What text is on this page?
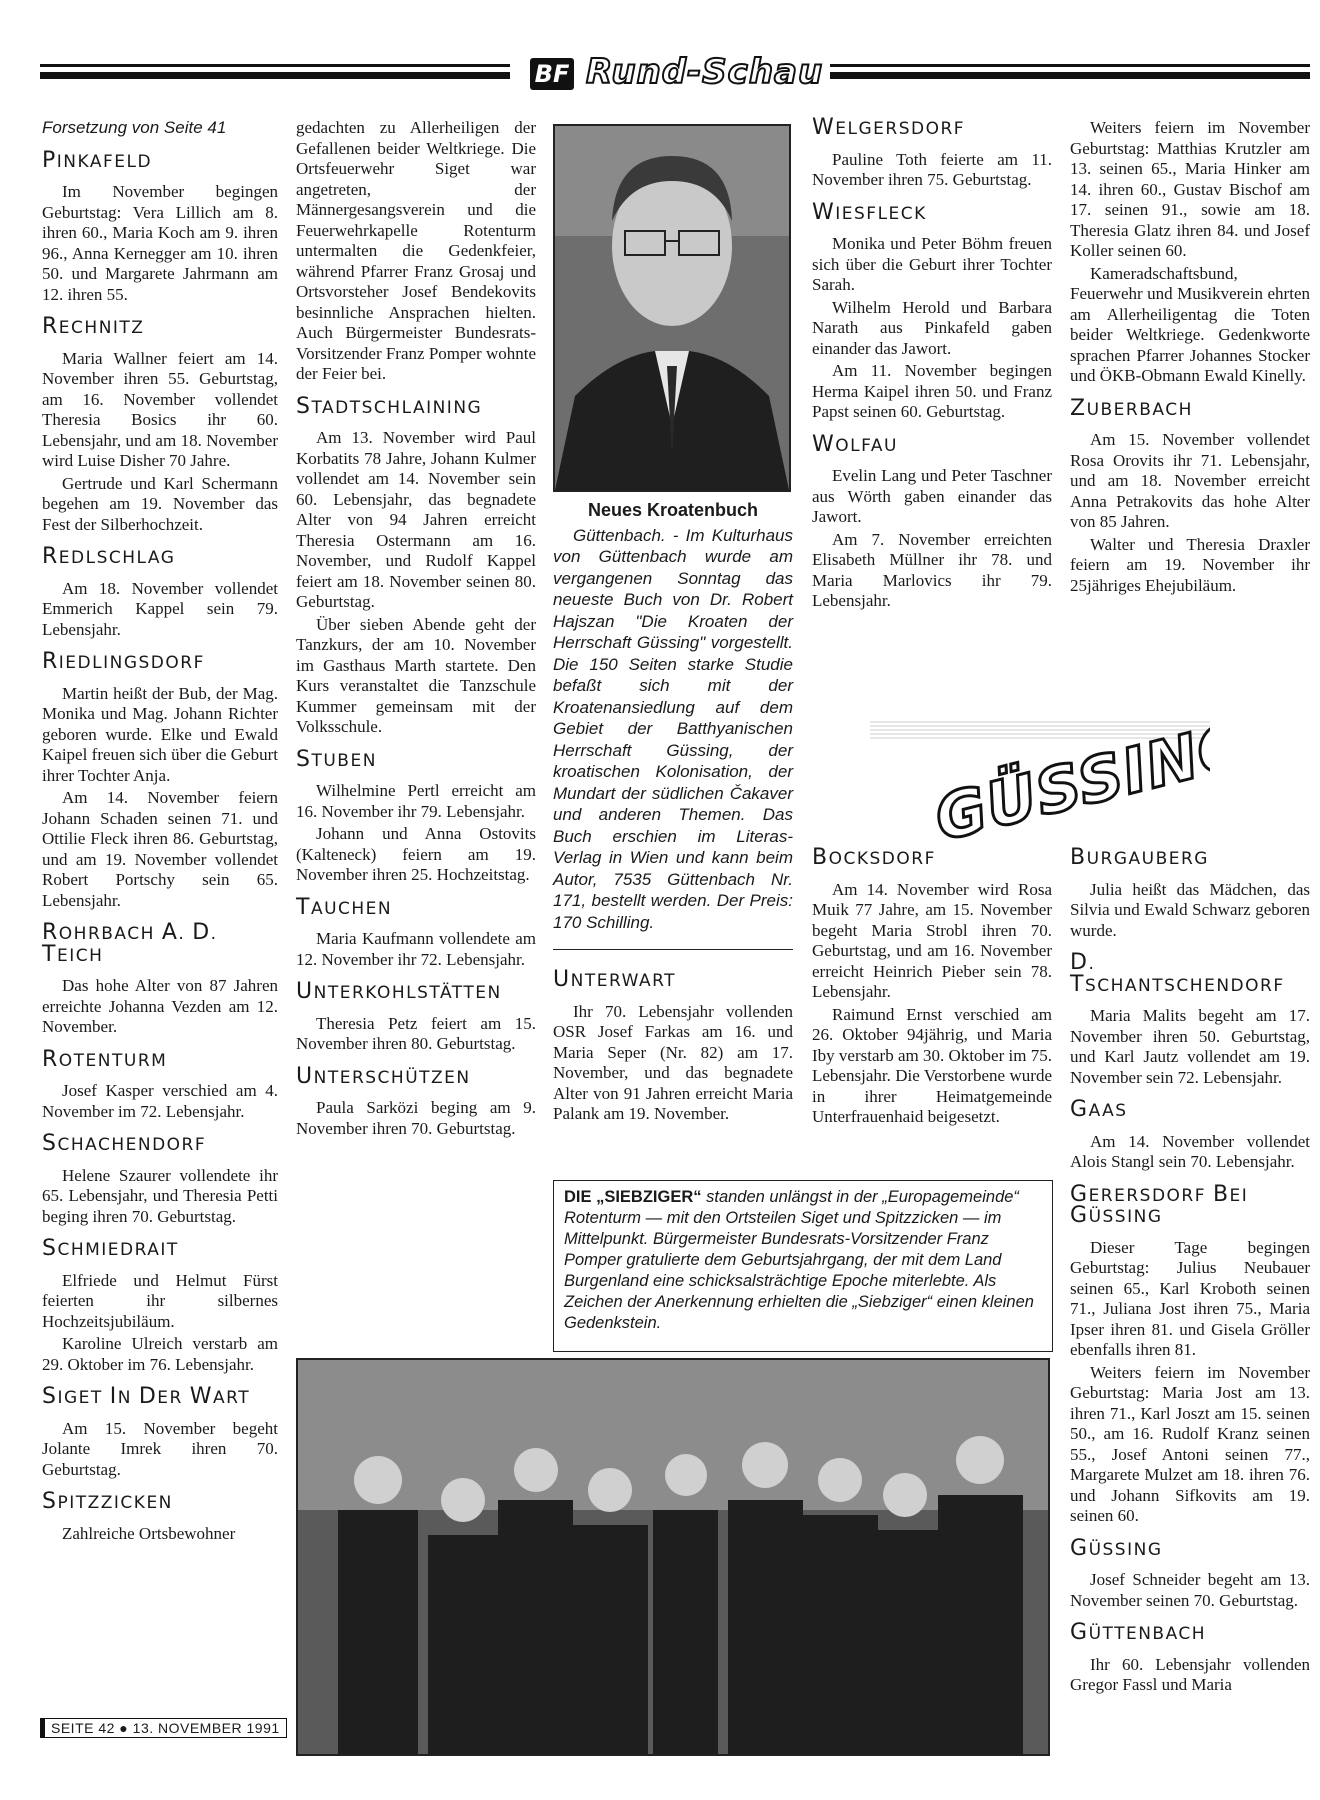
BF Rund-Schau
Forsetzung von Seite 41
PINKAFELD

Im November begingen Geburtstag: Vera Lillich am 8. ihren 60., Maria Koch am 9. ihren 96., Anna Kernegger am 10. ihren 50. und Margarete Jahrmann am 12. ihren 55.

RECHNITZ

Maria Wallner feiert am 14. November ihren 55. Geburtstag, am 16. November vollendet Theresia Bosics ihr 60. Lebensjahr, und am 18. November wird Luise Disher 70 Jahre.

Gertrude und Karl Schermann begehen am 19. November das Fest der Silberhochzeit.

REDLSCHLAG

Am 18. November vollendet Emmerich Kappel sein 79. Lebensjahr.

RIEDLINGSDORF

Martin heißt der Bub, der Mag. Monika und Mag. Johann Richter geboren wurde. Elke und Ewald Kaipel freuen sich über die Geburt ihrer Tochter Anja.

Am 14. November feiern Johann Schaden seinen 71. und Ottilie Fleck ihren 86. Geburtstag, und am 19. November vollendet Robert Portschy sein 65. Lebensjahr.

ROHRBACH A. D. TEICH

Das hohe Alter von 87 Jahren erreichte Johanna Vezden am 12. November.

ROTENTURM

Josef Kasper verschied am 4. November im 72. Lebensjahr.

SCHACHENDORF

Helene Szaurer vollendete ihr 65. Lebensjahr, und Theresia Petti beging ihren 70. Geburtstag.

SCHMIEDRAIT

Elfriede und Helmut Fürst feierten ihr silbernes Hochzeitsjubiläum.

Karoline Ulreich verstarb am 29. Oktober im 76. Lebensjahr.

SIGET IN DER WART

Am 15. November begeht Jolante Imrek ihren 70. Geburtstag.

SPITZZICKEN

Zahlreiche Ortsbewohner

gedachten zu Allerheiligen der Gefallenen beider Weltkriege. Die Ortsfeuerwehr Siget war angetreten, der Männergesangsverein und die Feuerwehrkapelle Rotenturm untermalten die Gedenkfeier, während Pfarrer Franz Grosaj und Ortsvorsteher Josef Bendekovits besinnliche Ansprachen hielten. Auch Bürgermeister Bundesrats-Vorsitzender Franz Pomper wohnte der Feier bei.

STADTSCHLAINING

Am 13. November wird Paul Korbatits 78 Jahre, Johann Kulmer vollendet am 14. November sein 60. Lebensjahr, das begnadete Alter von 94 Jahren erreicht Theresia Ostermann am 16. November, und Rudolf Kappel feiert am 18. November seinen 80. Geburtstag.

Über sieben Abende geht der Tanzkurs, der am 10. November im Gasthaus Marth startete. Den Kurs veranstaltet die Tanzschule Kummer gemeinsam mit der Volksschule.

STUBEN

Wilhelmine Pertl erreicht am 16. November ihr 79. Lebensjahr.

Johann und Anna Ostovits (Kalteneck) feiern am 19. November ihren 25. Hochzeitstag.

TAUCHEN

Maria Kaufmann vollendete am 12. November ihr 72. Lebensjahr.

UNTERKOHLSTÄTTEN

Theresia Petz feiert am 15. November ihren 80. Geburtstag.

UNTERSCHÜTZEN

Paula Sarközi beging am 9. November ihren 70. Geburtstag.

Neues Kroatenbuch
Güttenbach. - Im Kulturhaus von Güttenbach wurde am vergangenen Sonntag das neueste Buch von Dr. Robert Hajszan "Die Kroaten der Herrschaft Güssing" vorgestellt. Die 150 Seiten starke Studie befaßt sich mit der Kroatenansiedlung auf dem Gebiet der Batthyanischen Herrschaft Güssing, der kroatischen Kolonisation, der Mundart der südlichen Čakaver und anderen Themen. Das Buch erschien im Literas-Verlag in Wien und kann beim Autor, 7535 Güttenbach Nr. 171, bestellt werden. Der Preis: 170 Schilling.
UNTERWART

Ihr 70. Lebensjahr vollenden OSR Josef Farkas am 16. und Maria Seper (Nr. 82) am 17. November, und das begnadete Alter von 91 Jahren erreicht Maria Palank am 19. November.

WELGERSDORF

Pauline Toth feierte am 11. November ihren 75. Geburtstag.

WIESFLECK

Monika und Peter Böhm freuen sich über die Geburt ihrer Tochter Sarah.

Wilhelm Herold und Barbara Narath aus Pinkafeld gaben einander das Jawort.

Am 11. November begingen Herma Kaipel ihren 50. und Franz Papst seinen 60. Geburtstag.

WOLFAU

Evelin Lang und Peter Taschner aus Wörth gaben einander das Jawort.

Am 7. November erreichten Elisabeth Müllner ihr 78. und Maria Marlovics ihr 79. Lebensjahr.

Weiters feiern im November Geburtstag: Matthias Krutzler am 13. seinen 65., Maria Hinker am 14. ihren 60., Gustav Bischof am 17. seinen 91., sowie am 18. Theresia Glatz ihren 84. und Josef Koller seinen 60.

Kameradschaftsbund, Feuerwehr und Musikverein ehrten am Allerheiligentag die Toten beider Weltkriege. Gedenkworte sprachen Pfarrer Johannes Stocker und ÖKB-Obmann Ewald Kinelly.

ZUBERBACH

Am 15. November vollendet Rosa Orovits ihr 71. Lebensjahr, und am 18. November erreicht Anna Petrakovits das hohe Alter von 85 Jahren.

Walter und Theresia Draxler feiern am 19. November ihr 25jähriges Ehejubiläum.

GÜSSING
BOCKSDORF

Am 14. November wird Rosa Muik 77 Jahre, am 15. November begeht Maria Strobl ihren 70. Geburtstag, und am 16. November erreicht Heinrich Pieber sein 78. Lebensjahr.

Raimund Ernst verschied am 26. Oktober 94jährig, und Maria Iby verstarb am 30. Oktober im 75. Lebensjahr. Die Verstorbene wurde in ihrer Heimatgemeinde Unterfrauenhaid beigesetzt.

BURGAUBERG

Julia heißt das Mädchen, das Silvia und Ewald Schwarz geboren wurde.

D. TSCHANTSCHENDORF

Maria Malits begeht am 17. November ihren 50. Geburtstag, und Karl Jautz vollendet am 19. November sein 72. Lebensjahr.

GAAS

Am 14. November vollendet Alois Stangl sein 70. Lebensjahr.

GERERSDORF BEI GÜSSING

Dieser Tage begingen Geburtstag: Julius Neubauer seinen 65., Karl Kroboth seinen 71., Juliana Jost ihren 75., Maria Ipser ihren 81. und Gisela Gröller ebenfalls ihren 81.

Weiters feiern im November Geburtstag: Maria Jost am 13. ihren 71., Karl Joszt am 15. seinen 50., am 16. Rudolf Kranz seinen 55., Josef Antoni seinen 77., Margarete Mulzet am 18. ihren 76. und Johann Sifkovits am 19. seinen 60.

GÜSSING

Josef Schneider begeht am 13. November seinen 70. Geburtstag.

GÜTTENBACH

Ihr 60. Lebensjahr vollenden Gregor Fassl und Maria

DIE „SIEBZIGER“ standen unlängst in der „Europagemeinde“ Rotenturm — mit den Ortsteilen Siget und Spitzzicken — im Mittelpunkt. Bürgermeister Bundesrats-Vorsitzender Franz Pomper gratulierte dem Geburtsjahrgang, der mit dem Land Burgenland eine schicksalsträchtige Epoche miterlebte. Als Zeichen der Anerkennung erhielten die „Siebziger“ einen kleinen Gedenkstein.
SEITE 42 ● 13. NOVEMBER 1991
